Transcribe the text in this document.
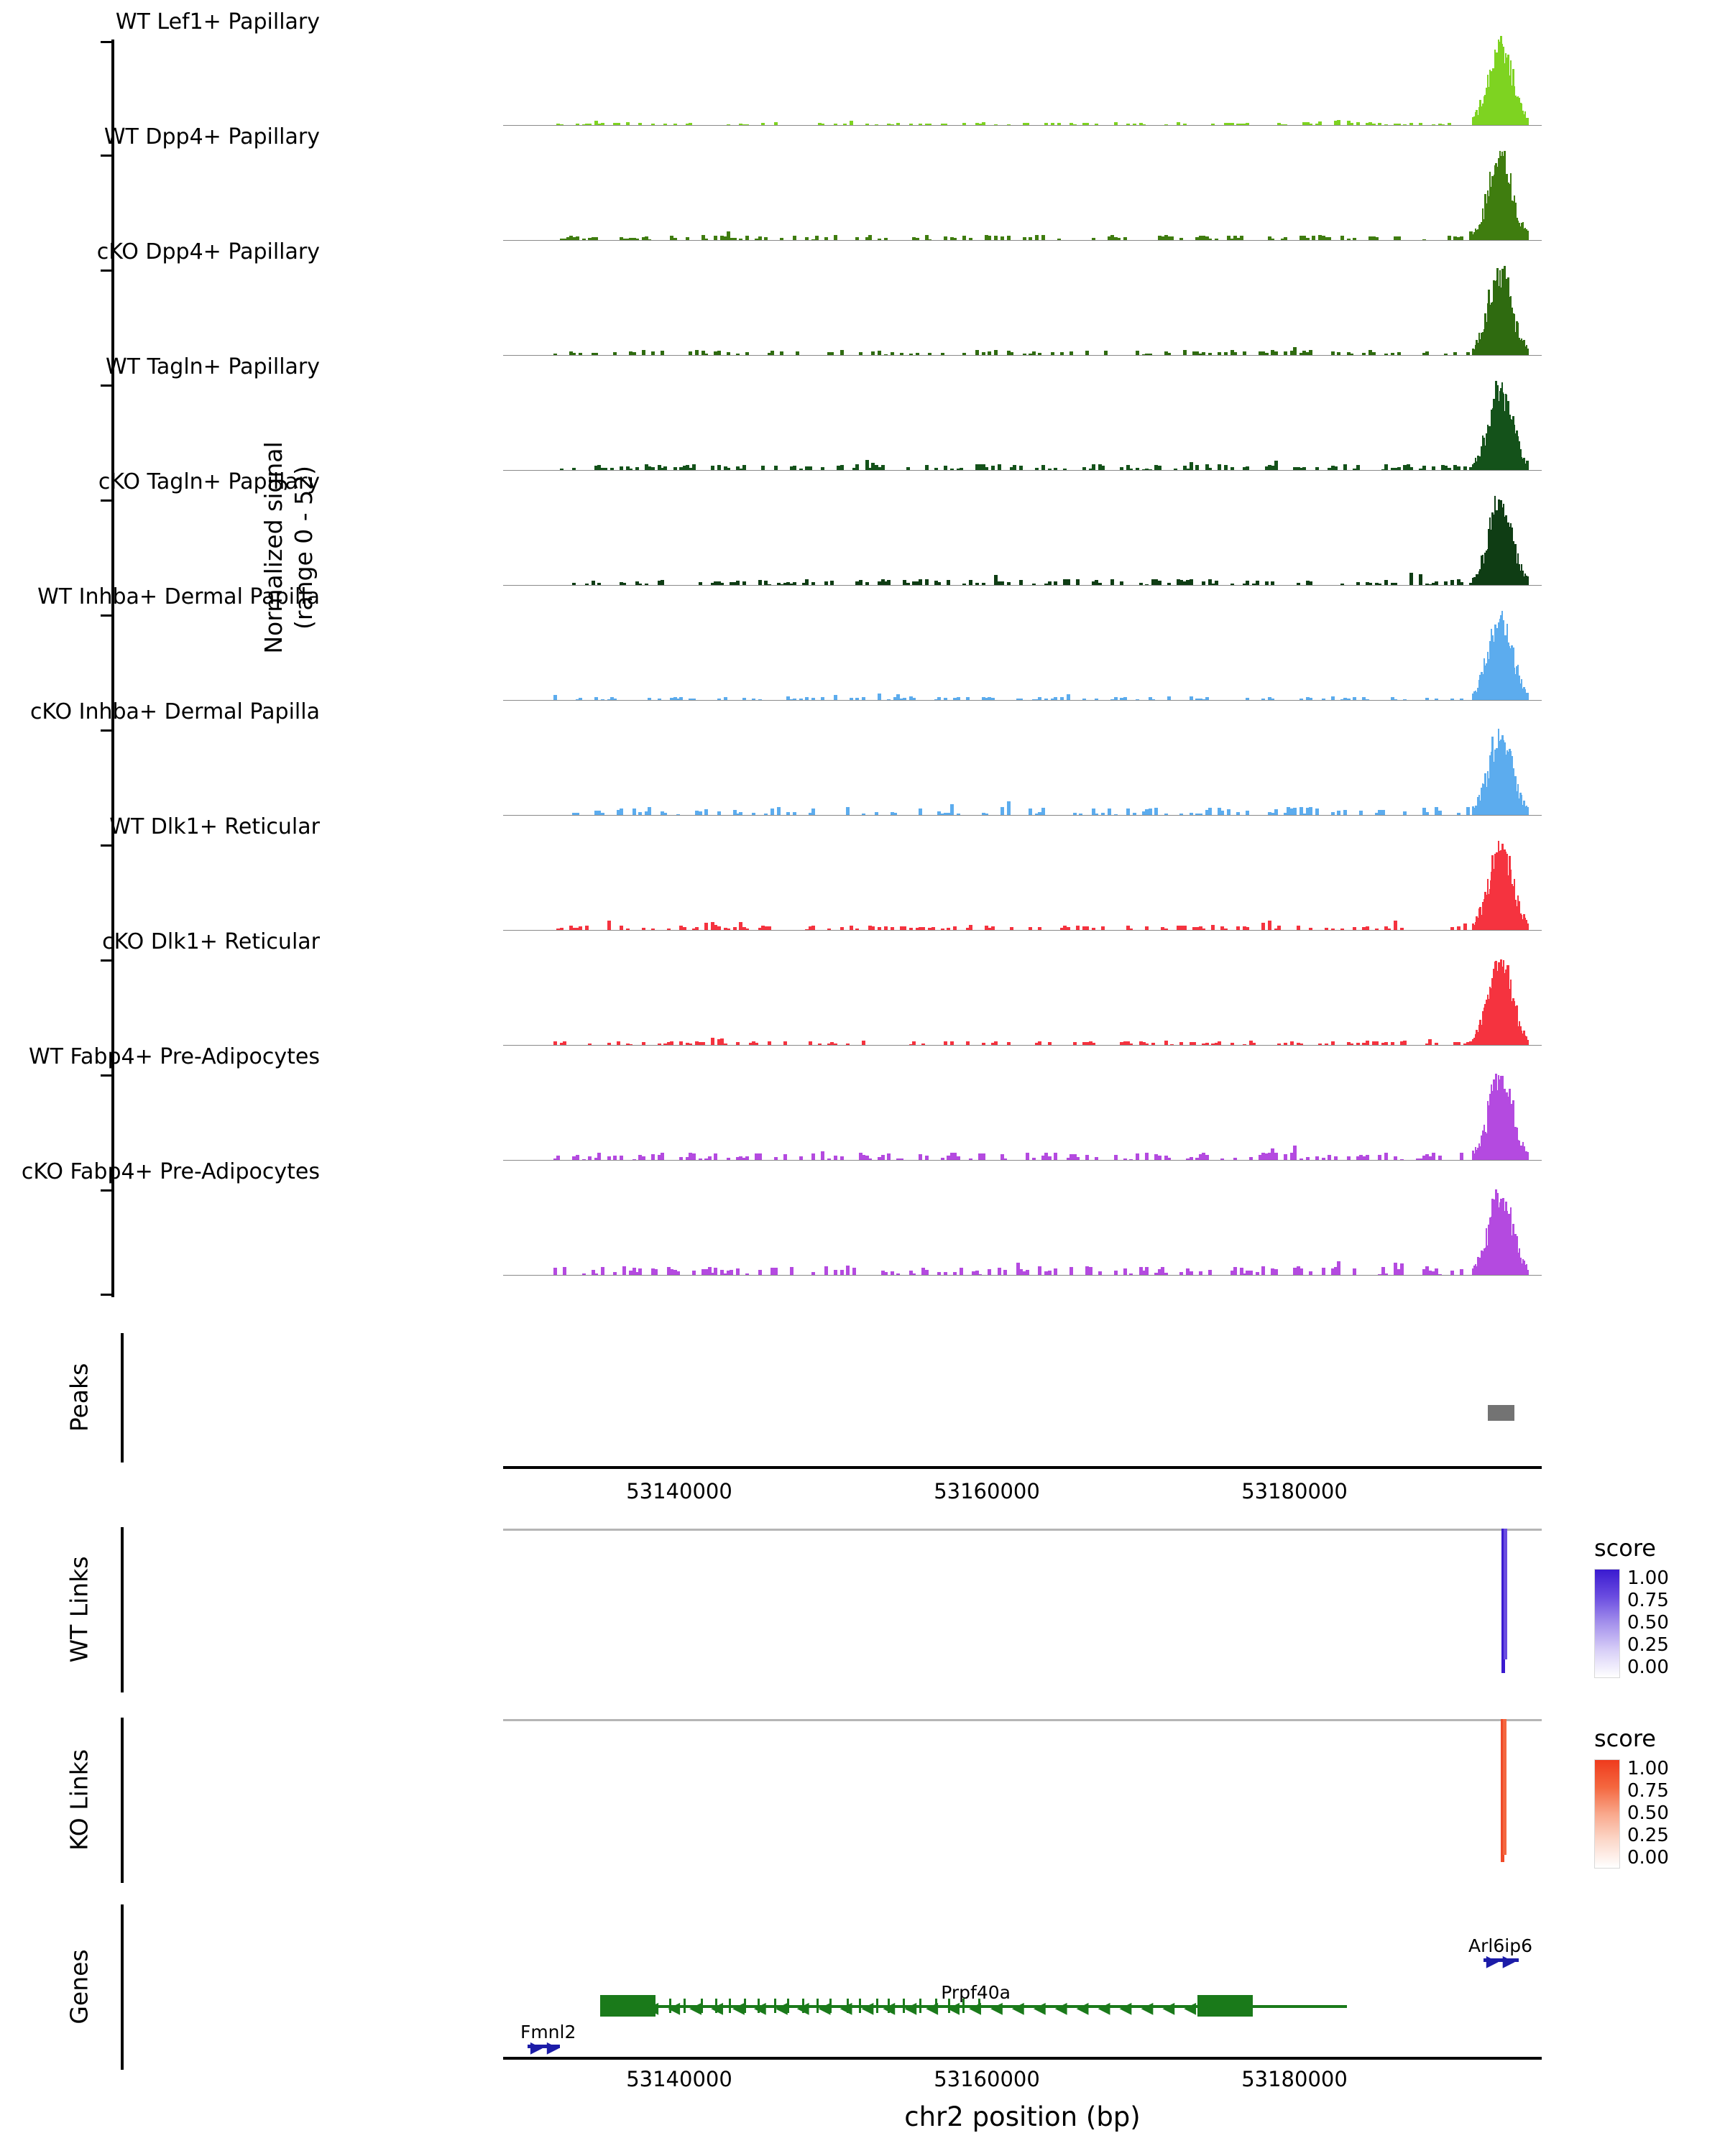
Normalized signal
(range 0 - 52)
WT Lef1+ Papillary
WT Dpp4+ Papillary
cKO Dpp4+ Papillary
WT Tagln+ Papillary
cKO Tagln+ Papillary
WT Inhba+ Dermal Papilla
cKO Inhba+ Dermal Papilla
WT Dlk1+ Reticular
cKO Dlk1+ Reticular
WT Fabp4+ Pre-Adipocytes
cKO Fabp4+ Pre-Adipocytes
Peaks
53140000	53160000	53180000
WT Links
score
1.00
0.75
0.50
0.25
0.00
KO Links
score
1.00
0.75
0.50
0.25
0.00
Genes
▶▶
Fmnl2
◀◀◀◀◀◀◀◀◀◀◀◀◀◀◀◀◀◀◀◀◀◀◀◀◀◀◀◀◀
Prpf40a
▶▶
Arl6ip6
53140000	53160000	53180000
chr2 position (bp)
